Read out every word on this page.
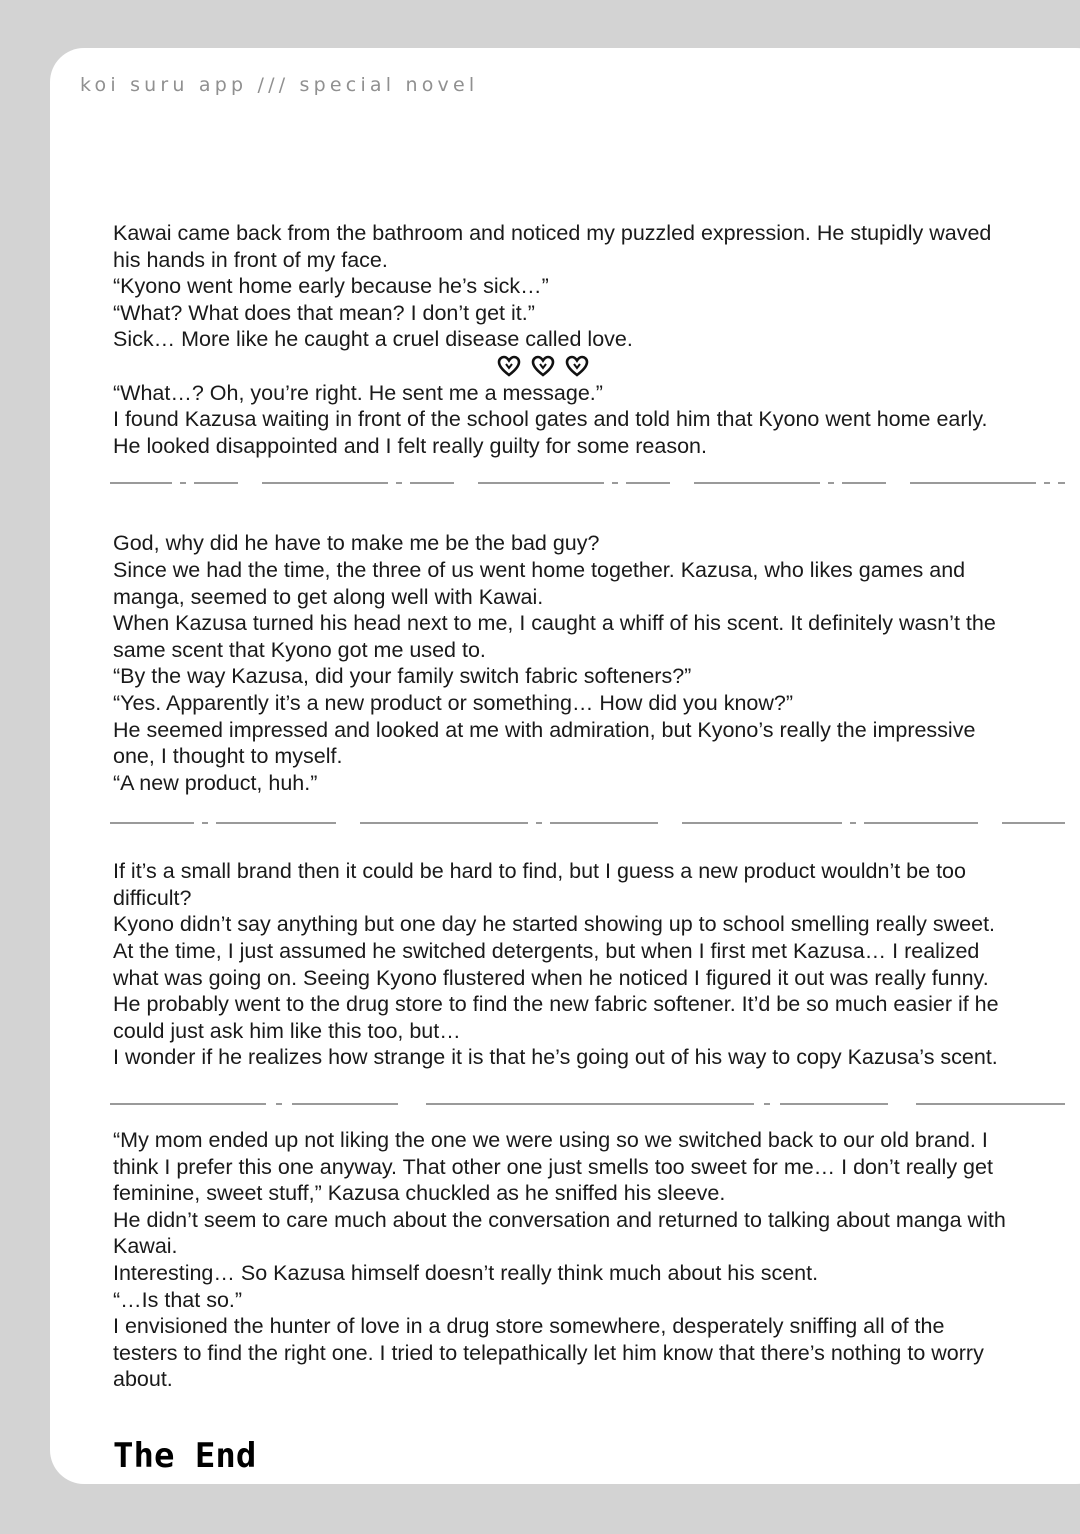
koi suru app /// special novel

Kawai came back from the bathroom and noticed my puzzled expression. He stupidly waved his hands in front of my face.

“Kyono went home early because he’s sick…”

“What? What does that mean? I don’t get it.”

Sick… More like he caught a cruel disease called love.

“What…? Oh, you’re right. He sent me a message.”

I found Kazusa waiting in front of the school gates and told him that Kyono went home early. He looked disappointed and I felt really guilty for some reason.

God, why did he have to make me be the bad guy?

Since we had the time, the three of us went home together. Kazusa, who likes games and manga, seemed to get along well with Kawai.

When Kazusa turned his head next to me, I caught a whiff of his scent. It definitely wasn’t the same scent that Kyono got me used to.

“By the way Kazusa, did your family switch fabric softeners?”

“Yes. Apparently it’s a new product or something… How did you know?”

He seemed impressed and looked at me with admiration, but Kyono’s really the impressive one, I thought to myself.

“A new product, huh.”

If it’s a small brand then it could be hard to find, but I guess a new product wouldn’t be too difficult?

Kyono didn’t say anything but one day he started showing up to school smelling really sweet. At the time, I just assumed he switched detergents, but when I first met Kazusa… I realized what was going on. Seeing Kyono flustered when he noticed I figured it out was really funny.

He probably went to the drug store to find the new fabric softener. It’d be so much easier if he could just ask him like this too, but…

I wonder if he realizes how strange it is that he’s going out of his way to copy Kazusa’s scent.

“My mom ended up not liking the one we were using so we switched back to our old brand. I think I prefer this one anyway. That other one just smells too sweet for me… I don’t really get feminine, sweet stuff,” Kazusa chuckled as he sniffed his sleeve.

He didn’t seem to care much about the conversation and returned to talking about manga with Kawai.

Interesting… So Kazusa himself doesn’t really think much about his scent.

“…Is that so.”

I envisioned the hunter of love in a drug store somewhere, desperately sniffing all of the testers to find the right one. I tried to telepathically let him know that there’s nothing to worry about.

The End
